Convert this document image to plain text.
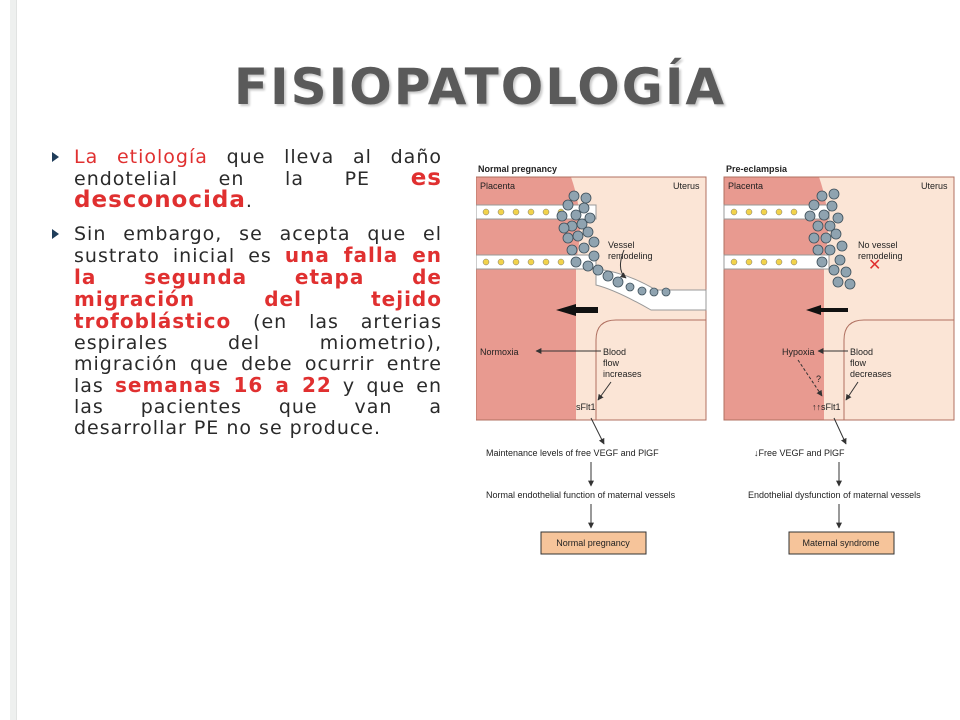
FISIOPATOLOGÍA
La etiología que lleva al daño endotelial en la PE es desconocida.
Sin embargo, se acepta que el sustrato inicial es una falla en la segunda etapa de migración del tejido trofoblástico (en las arterias espirales del miometrio), migración que debe ocurrir entre las semanas 16 a 22 y que en las pacientes que van a desarrollar PE no se produce.
Normal pregnancy
Placenta	Uterus
Vessel
remodeling
Normoxia	Blood
flow
increases
sFlt1
Maintenance levels of free VEGF and PlGF
Normal endothelial function of maternal vessels
Normal pregnancy
Pre-eclampsia
Placenta	Uterus
✕
No vessel
remodeling
Hypoxia
?
Blood
flow
decreases
↑↑sFlt1
↓Free VEGF and PlGF
Endothelial dysfunction of maternal vessels
Maternal syndrome
